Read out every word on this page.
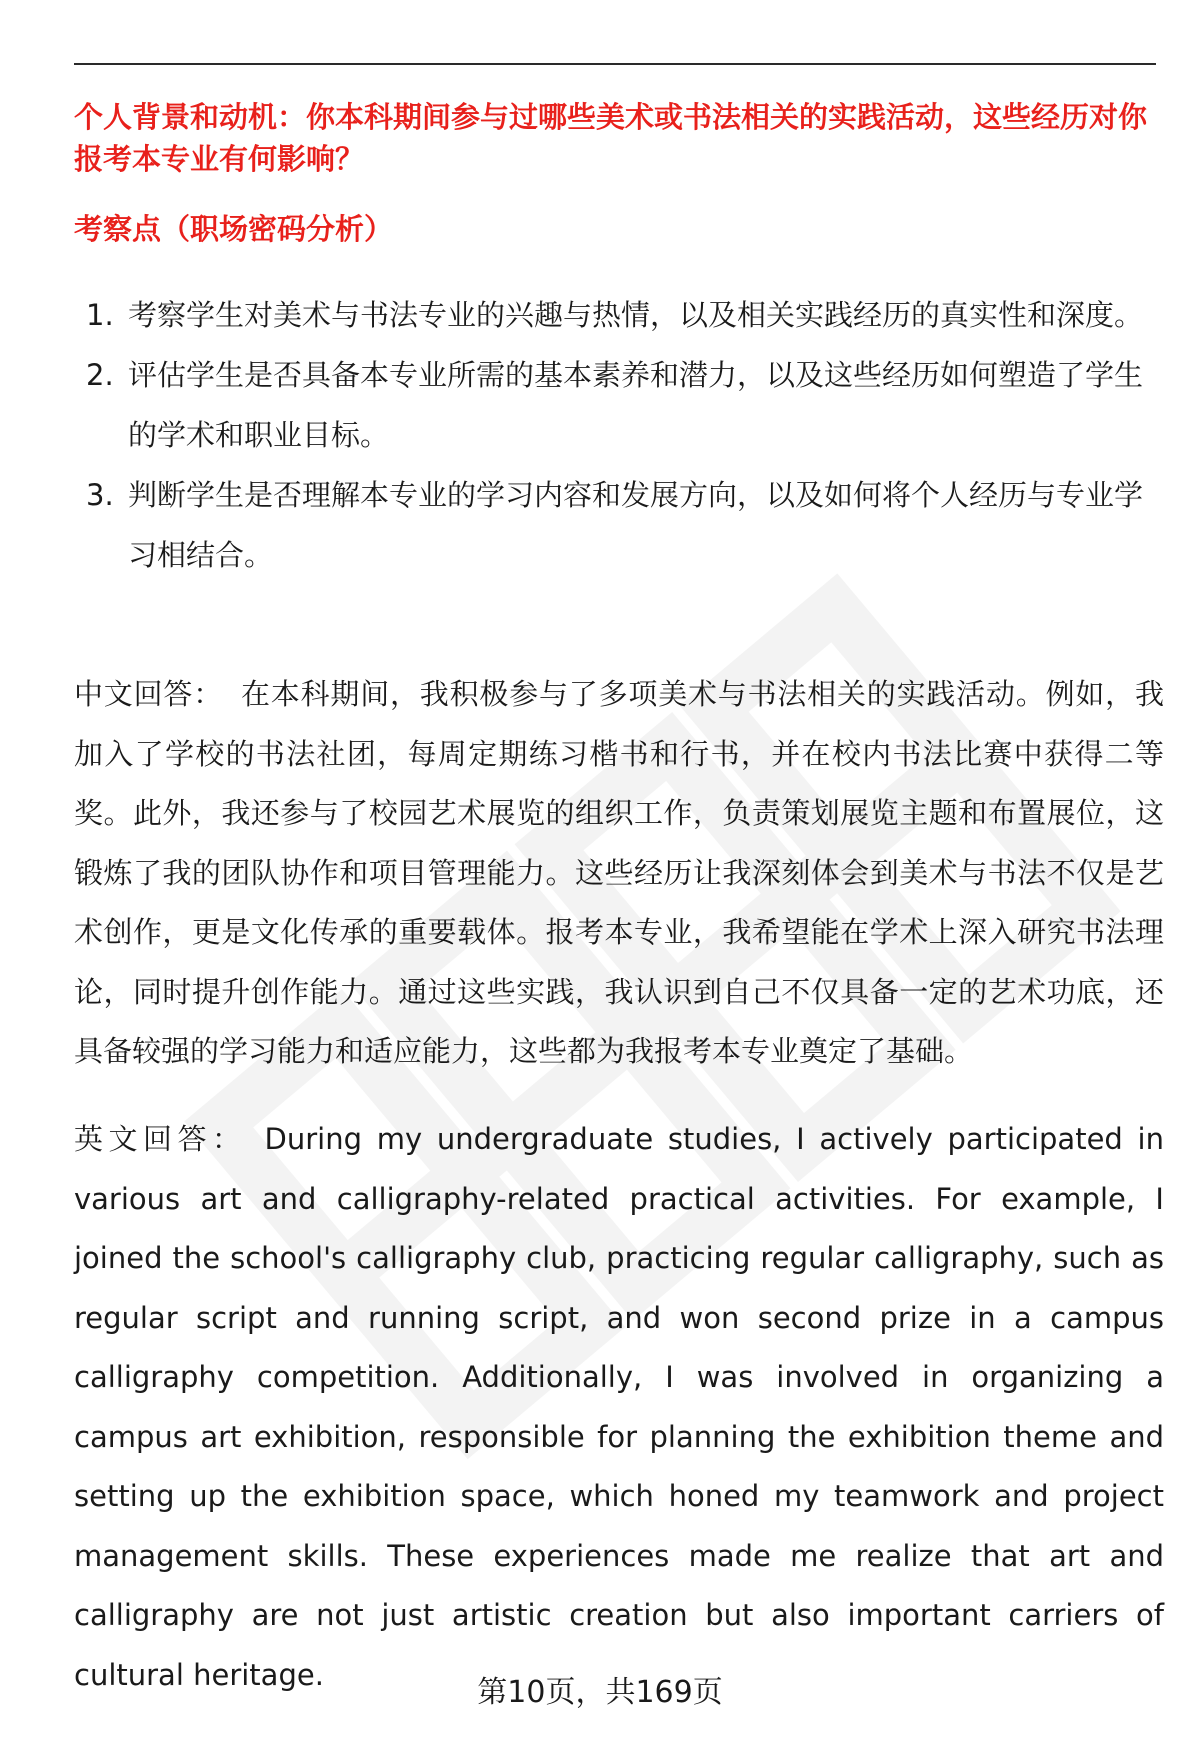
个人背景和动机：你本科期间参与过哪些美术或书法相关的实践活动，这些经历对你报考本专业有何影响？
考察点（职场密码分析）
1. 考察学生对美术与书法专业的兴趣与热情，以及相关实践经历的真实性和深度。
2. 评估学生是否具备本专业所需的基本素养和潜力，以及这些经历如何塑造了学生的学术和职业目标。
3. 判断学生是否理解本专业的学习内容和发展方向，以及如何将个人经历与专业学习相结合。

中文回答： 在本科期间，我积极参与了多项美术与书法相关的实践活动。例如，我加入了学校的书法社团，每周定期练习楷书和行书，并在校内书法比赛中获得二等奖。此外，我还参与了校园艺术展览的组织工作，负责策划展览主题和布置展位，这锻炼了我的团队协作和项目管理能力。这些经历让我深刻体会到美术与书法不仅是艺术创作，更是文化传承的重要载体。报考本专业，我希望能在学术上深入研究书法理论，同时提升创作能力。通过这些实践，我认识到自己不仅具备一定的艺术功底，还具备较强的学习能力和适应能力，这些都为我报考本专业奠定了基础。

英文回答： During my undergraduate studies, I actively participated in various art and calligraphy-related practical activities. For example, I joined the school's calligraphy club, practicing regular calligraphy, such as regular script and running script, and won second prize in a campus calligraphy competition. Additionally, I was involved in organizing a campus art exhibition, responsible for planning the exhibition theme and setting up the exhibition space, which honed my teamwork and project management skills. These experiences made me realize that art and calligraphy are not just artistic creation but also important carriers of cultural heritage.

第10页，共169页
